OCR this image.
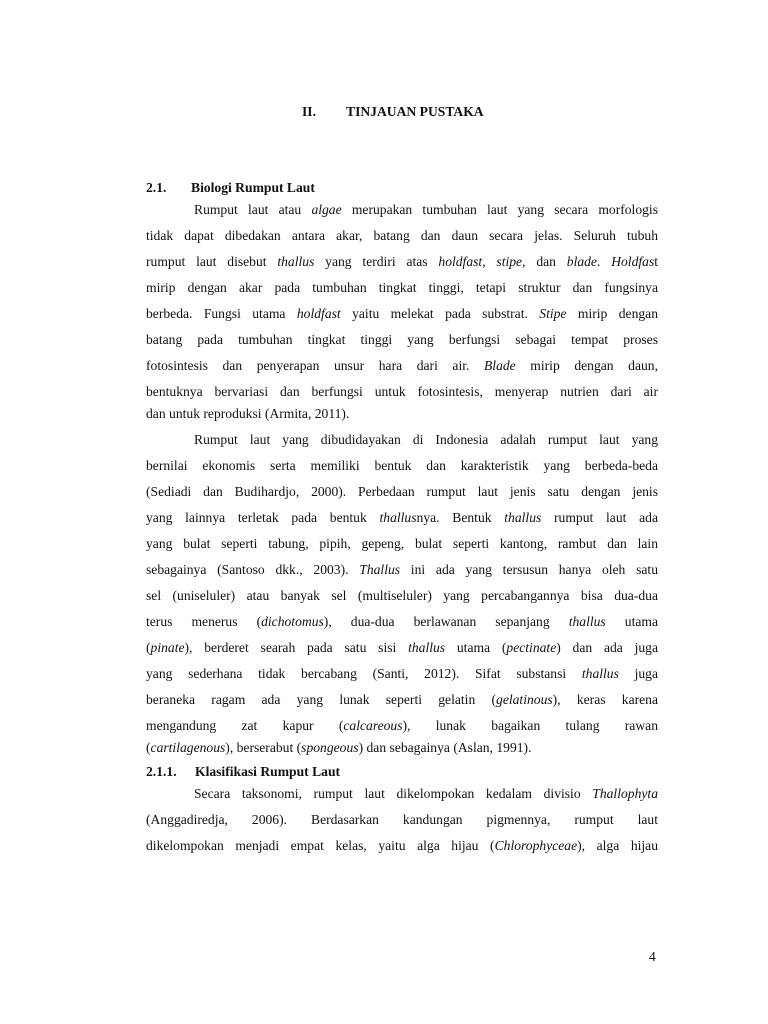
II. TINJAUAN PUSTAKA
2.1. Biologi Rumput Laut
2.1.1. Klasifikasi Rumput Laut
Rumput laut atau algae merupakan tumbuhan laut yang secara morfologis
tidak dapat dibedakan antara akar, batang dan daun secara jelas. Seluruh tubuh
rumput laut disebut thallus yang terdiri atas holdfast, stipe, dan blade. Holdfast
mirip dengan akar pada tumbuhan tingkat tinggi, tetapi struktur dan fungsinya
berbeda. Fungsi utama holdfast yaitu melekat pada substrat. Stipe mirip dengan
batang pada tumbuhan tingkat tinggi yang berfungsi sebagai tempat proses
fotosintesis dan penyerapan unsur hara dari air. Blade mirip dengan daun,
bentuknya bervariasi dan berfungsi untuk fotosintesis, menyerap nutrien dari air
dan untuk reproduksi (Armita, 2011).
Rumput laut yang dibudidayakan di Indonesia adalah rumput laut yang
bernilai ekonomis serta memiliki bentuk dan karakteristik yang berbeda-beda
(Sediadi dan Budihardjo, 2000). Perbedaan rumput laut jenis satu dengan jenis
yang lainnya terletak pada bentuk thallusnya. Bentuk thallus rumput laut ada
yang bulat seperti tabung, pipih, gepeng, bulat seperti kantong, rambut dan lain
sebagainya (Santoso dkk., 2003). Thallus ini ada yang tersusun hanya oleh satu
sel (uniseluler) atau banyak sel (multiseluler) yang percabangannya bisa dua-dua
terus menerus (dichotomus), dua-dua berlawanan sepanjang thallus utama
(pinate), berderet searah pada satu sisi thallus utama (pectinate) dan ada juga
yang sederhana tidak bercabang (Santi, 2012). Sifat substansi thallus juga
beraneka ragam ada yang lunak seperti gelatin (gelatinous), keras karena
mengandung zat kapur (calcareous), lunak bagaikan tulang rawan
(cartilagenous), berserabut (spongeous) dan sebagainya (Aslan, 1991).
Secara taksonomi, rumput laut dikelompokan kedalam divisio Thallophyta
(Anggadiredja, 2006). Berdasarkan kandungan pigmennya, rumput laut
dikelompokan menjadi empat kelas, yaitu alga hijau (Chlorophyceae), alga hijau
4
